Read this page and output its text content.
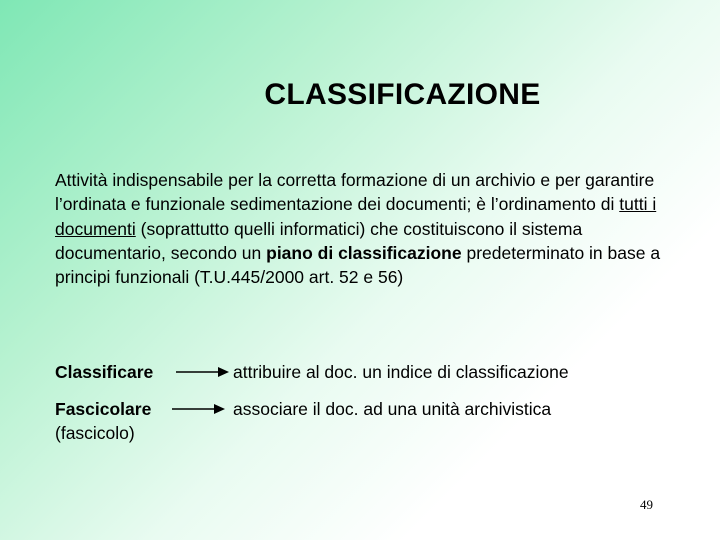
CLASSIFICAZIONE
Attività indispensabile per la corretta formazione di un archivio e per garantire l’ordinata e funzionale sedimentazione dei documenti; è l’ordinamento di tutti i documenti (soprattutto quelli informatici) che costituiscono il sistema documentario, secondo un piano di classificazione predeterminato in base a principi funzionali (T.U.445/2000 art. 52 e 56)
Classificare	attribuire al doc. un indice di classificazione
Fascicolare
(fascicolo)
associare il doc. ad una unità archivistica
49
